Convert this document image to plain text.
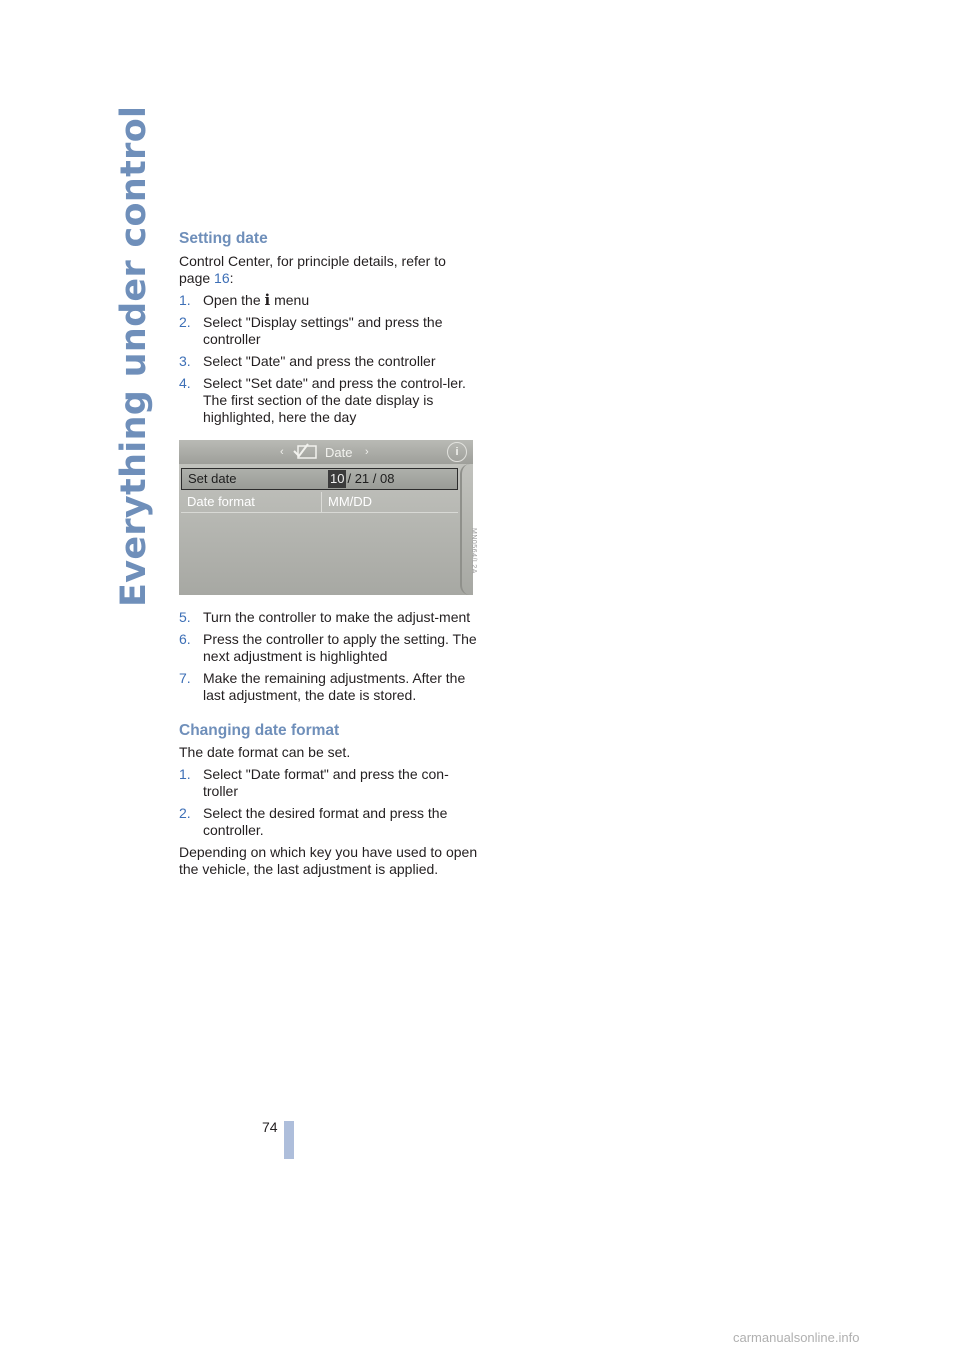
Everything under control Setting date

Control Center, for principle details, refer to page 16:

1. Open the i menu
2. Select "Display settings" and press the controller
3. Select "Date" and press the controller
4. Select "Set date" and press the control-ler. The first section of the date display is highlighted, here the day
‹	Date ›	i
Set date	10 / 21 / 08
Date format	MM/DD
5. Turn the controller to make the adjust-ment
6. Press the controller to apply the setting. The next adjustment is highlighted
7. Make the remaining adjustments. After the last adjustment, the date is stored.
Changing date format

The date format can be set.

1. Select "Date format" and press the con-troller
2. Select the desired format and press the controller.

Depending on which key you have used to open the vehicle, the last adjustment is applied.

MN0564/L2A
74
carmanualsonline.info
